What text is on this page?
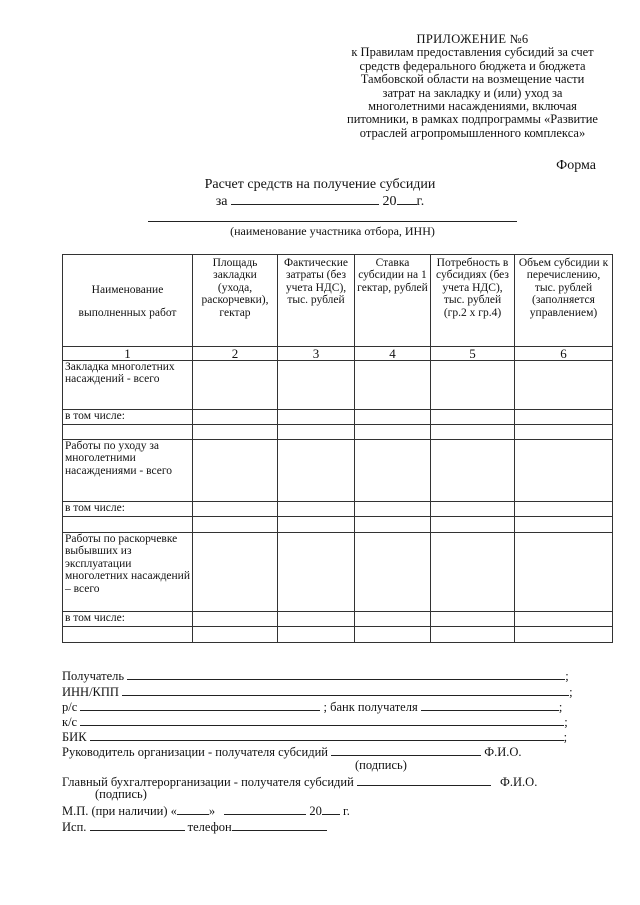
ПРИЛОЖЕНИЕ №6
к Правилам предоставления субсидий за счет
средств федерального бюджета и бюджета
Тамбовской области на возмещение части
затрат на закладку и (или) уход за
многолетними насаждениями, включая
питомники, в рамках подпрограммы «Развитие
отраслей агропромышленного комплекса»
Форма
Расчет средств на получение субсидии
за	20 г.
(наименование участника отбора, ИНН)
Наименование
выполненных работ	Площадь закладки (ухода, раскорчевки), гектар	Фактические затраты (без учета НДС), тыс. рублей	Ставка субсидии на 1 гектар, рублей	Потребность в субсидиях (без учета НДС), тыс. рублей (гр.2 х гр.4)	Объем субсидии к перечислению, тыс. рублей (заполняется управлением)
1	2	3	4	5	6
Закладка многолетних насаждений - всего					
в том числе:					

Работы по уходу за многолетними насаждениями - всего					
в том числе:					

Работы по раскорчевке выбывших из эксплуатации многолетних насаждений – всего					
в том числе:					

Получатель	;
ИНН/КПП	;
р/с	; банк получателя	;
к/с	;
БИК	;
Руководитель организации - получателя субсидий	Ф.И.О.
(подпись)
Главный бухгалтерорганизации - получателя субсидий	Ф.И.О.
(подпись)
М.П. (при наличии) «	»	20 г.
Исп.	телефон
